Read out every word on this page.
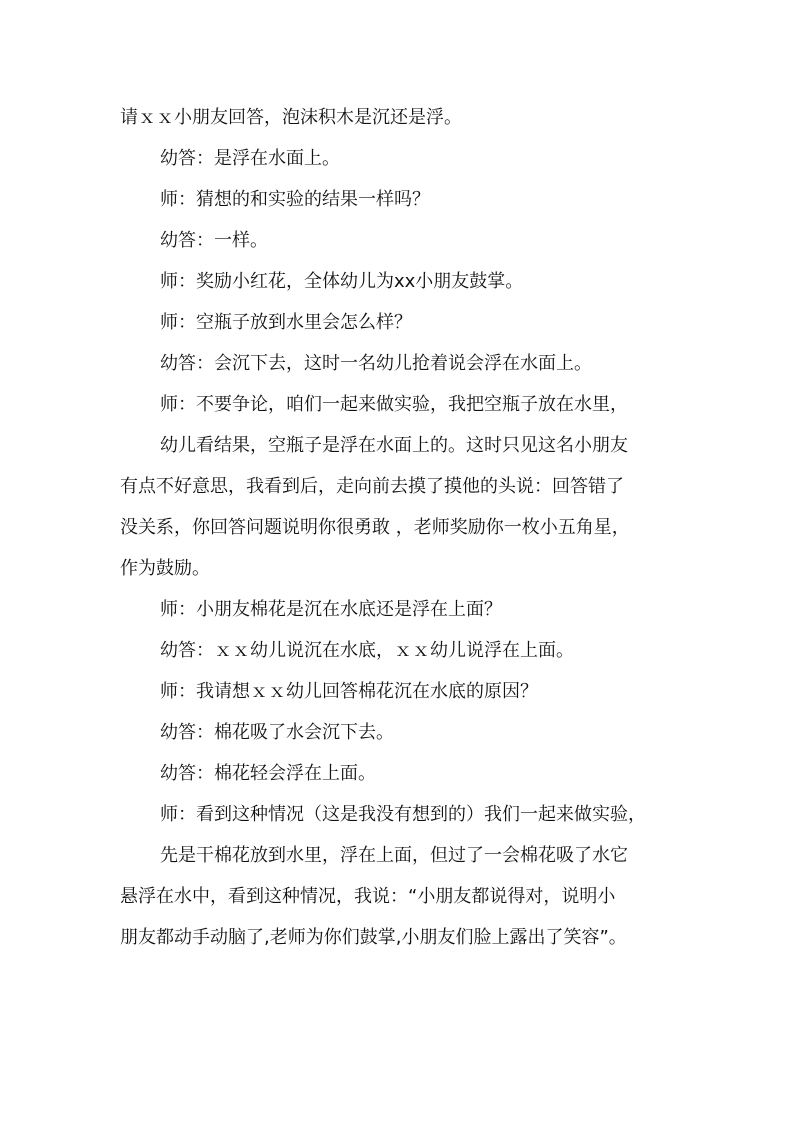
请ｘｘ小朋友回答，泡沫积木是沉还是浮。

幼答：是浮在水面上。

师：猜想的和实验的结果一样吗？

幼答：一样。

师：奖励小红花，全体幼儿为xx小朋友鼓掌。

师：空瓶子放到水里会怎么样？

幼答：会沉下去，这时一名幼儿抢着说会浮在水面上。

师：不要争论，咱们一起来做实验，我把空瓶子放在水里，

幼儿看结果，空瓶子是浮在水面上的。这时只见这名小朋友

有点不好意思，我看到后，走向前去摸了摸他的头说：回答错了

没关系，你回答问题说明你很勇敢 ，老师奖励你一枚小五角星，

作为鼓励。

师：小朋友棉花是沉在水底还是浮在上面？

幼答：ｘｘ幼儿说沉在水底，ｘｘ幼儿说浮在上面。

师：我请想ｘｘ幼儿回答棉花沉在水底的原因？

幼答：棉花吸了水会沉下去。

幼答：棉花轻会浮在上面。

师：看到这种情况（这是我没有想到的）我们一起来做实验，

先是干棉花放到水里，浮在上面，但过了一会棉花吸了水它

悬浮在水中，看到这种情况，我说：“小朋友都说得对，说明小

朋友都动手动脑了,老师为你们鼓掌,小朋友们脸上露出了笑容”。
